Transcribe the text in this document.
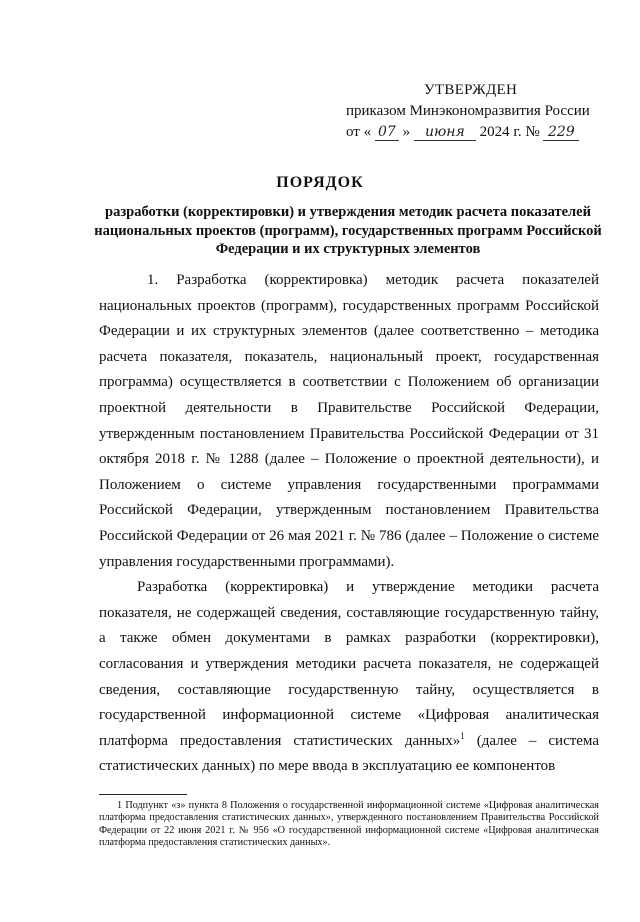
УТВЕРЖДЕН
приказом Минэкономразвития России
от « 07 » июня 2024 г. № 229
ПОРЯДОК
разработки (корректировки) и утверждения методик расчета показателей национальных проектов (программ), государственных программ Российской Федерации и их структурных элементов

1. Разработка (корректировка) методик расчета показателей национальных проектов (программ), государственных программ Российской Федерации и их структурных элементов (далее соответственно – методика расчета показателя, показатель, национальный проект, государственная программа) осуществляется в соответствии с Положением об организации проектной деятельности в Правительстве Российской Федерации, утвержденным постановлением Правительства Российской Федерации от 31 октября 2018 г. № 1288 (далее – Положение о проектной деятельности), и Положением о системе управления государственными программами Российской Федерации, утвержденным постановлением Правительства Российской Федерации от 26 мая 2021 г. № 786 (далее – Положение о системе управления государственными программами).

Разработка (корректировка) и утверждение методики расчета показателя, не содержащей сведения, составляющие государственную тайну, а также обмен документами в рамках разработки (корректировки), согласования и утверждения методики расчета показателя, не содержащей сведения, составляющие государственную тайну, осуществляется в государственной информационной системе «Цифровая аналитическая платформа предоставления статистических данных»$^1$ (далее – система статистических данных) по мере ввода в эксплуатацию ее компонентов

1 Подпункт «з» пункта 8 Положения о государственной информационной системе «Цифровая аналитическая платформа предоставления статистических данных», утвержденного постановлением Правительства Российской Федерации от 22 июня 2021 г. № 956 «О государственной информационной системе «Цифровая аналитическая платформа предоставления статистических данных».
